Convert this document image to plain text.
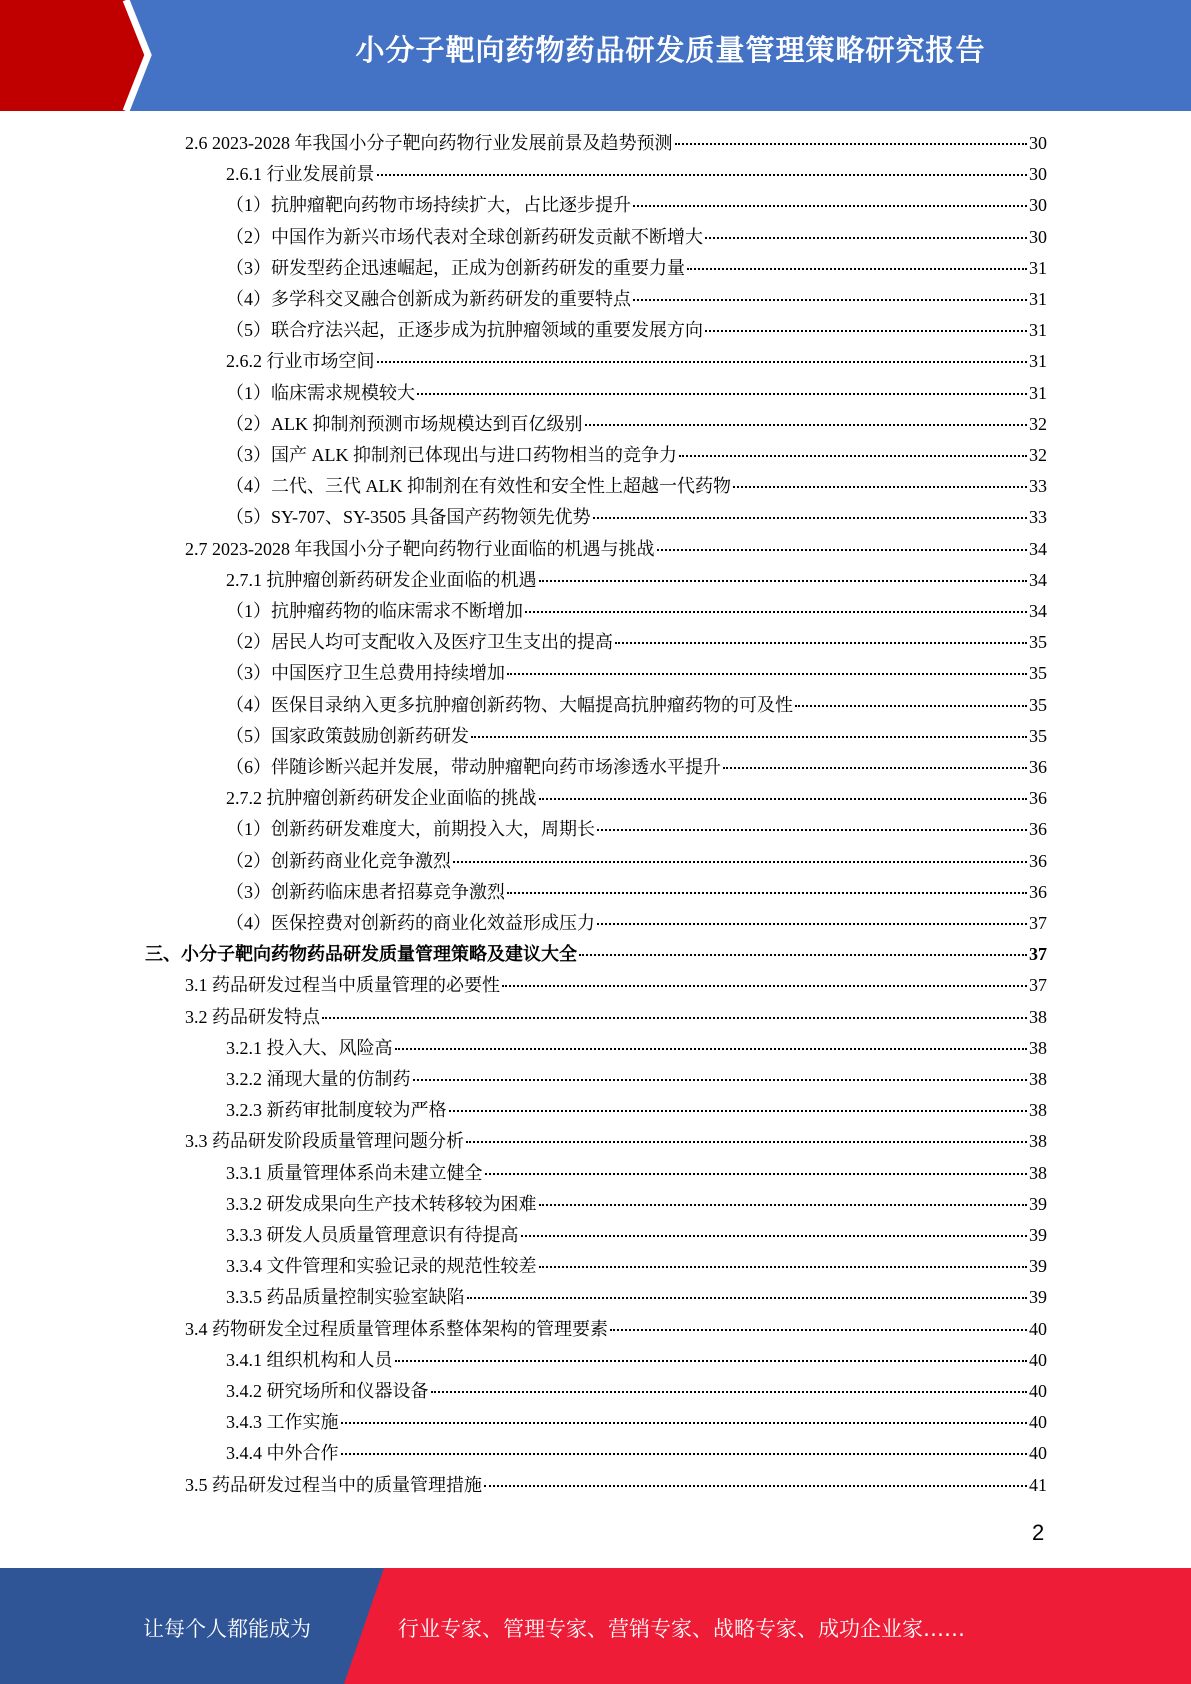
小分子靶向药物药品研发质量管理策略研究报告
2.6 2023-2028 年我国小分子靶向药物行业发展前景及趋势预测	30
2.6.1 行业发展前景	30
（1）抗肿瘤靶向药物市场持续扩大，占比逐步提升	30
（2）中国作为新兴市场代表对全球创新药研发贡献不断增大	30
（3）研发型药企迅速崛起，正成为创新药研发的重要力量	31
（4）多学科交叉融合创新成为新药研发的重要特点	31
（5）联合疗法兴起，正逐步成为抗肿瘤领域的重要发展方向	31
2.6.2 行业市场空间	31
（1）临床需求规模较大	31
（2）ALK 抑制剂预测市场规模达到百亿级别	32
（3）国产 ALK 抑制剂已体现出与进口药物相当的竞争力	32
（4）二代、三代 ALK 抑制剂在有效性和安全性上超越一代药物	33
（5）SY-707、SY-3505 具备国产药物领先优势	33
2.7 2023-2028 年我国小分子靶向药物行业面临的机遇与挑战	34
2.7.1 抗肿瘤创新药研发企业面临的机遇	34
（1）抗肿瘤药物的临床需求不断增加	34
（2）居民人均可支配收入及医疗卫生支出的提高	35
（3）中国医疗卫生总费用持续增加	35
（4）医保目录纳入更多抗肿瘤创新药物、大幅提高抗肿瘤药物的可及性	35
（5）国家政策鼓励创新药研发	35
（6）伴随诊断兴起并发展，带动肿瘤靶向药市场渗透水平提升	36
2.7.2 抗肿瘤创新药研发企业面临的挑战	36
（1）创新药研发难度大，前期投入大，周期长	36
（2）创新药商业化竞争激烈	36
（3）创新药临床患者招募竞争激烈	36
（4）医保控费对创新药的商业化效益形成压力	37
三、小分子靶向药物药品研发质量管理策略及建议大全	37
3.1 药品研发过程当中质量管理的必要性	37
3.2 药品研发特点	38
3.2.1 投入大、风险高	38
3.2.2 涌现大量的仿制药	38
3.2.3 新药审批制度较为严格	38
3.3 药品研发阶段质量管理问题分析	38
3.3.1 质量管理体系尚未建立健全	38
3.3.2 研发成果向生产技术转移较为困难	39
3.3.3 研发人员质量管理意识有待提高	39
3.3.4 文件管理和实验记录的规范性较差	39
3.3.5 药品质量控制实验室缺陷	39
3.4 药物研发全过程质量管理体系整体架构的管理要素	40
3.4.1 组织机构和人员	40
3.4.2 研究场所和仪器设备	40
3.4.3 工作实施	40
3.4.4 中外合作	40
3.5 药品研发过程当中的质量管理措施	41
2
让每个人都能成为	行业专家、管理专家、营销专家、战略专家、成功企业家……
